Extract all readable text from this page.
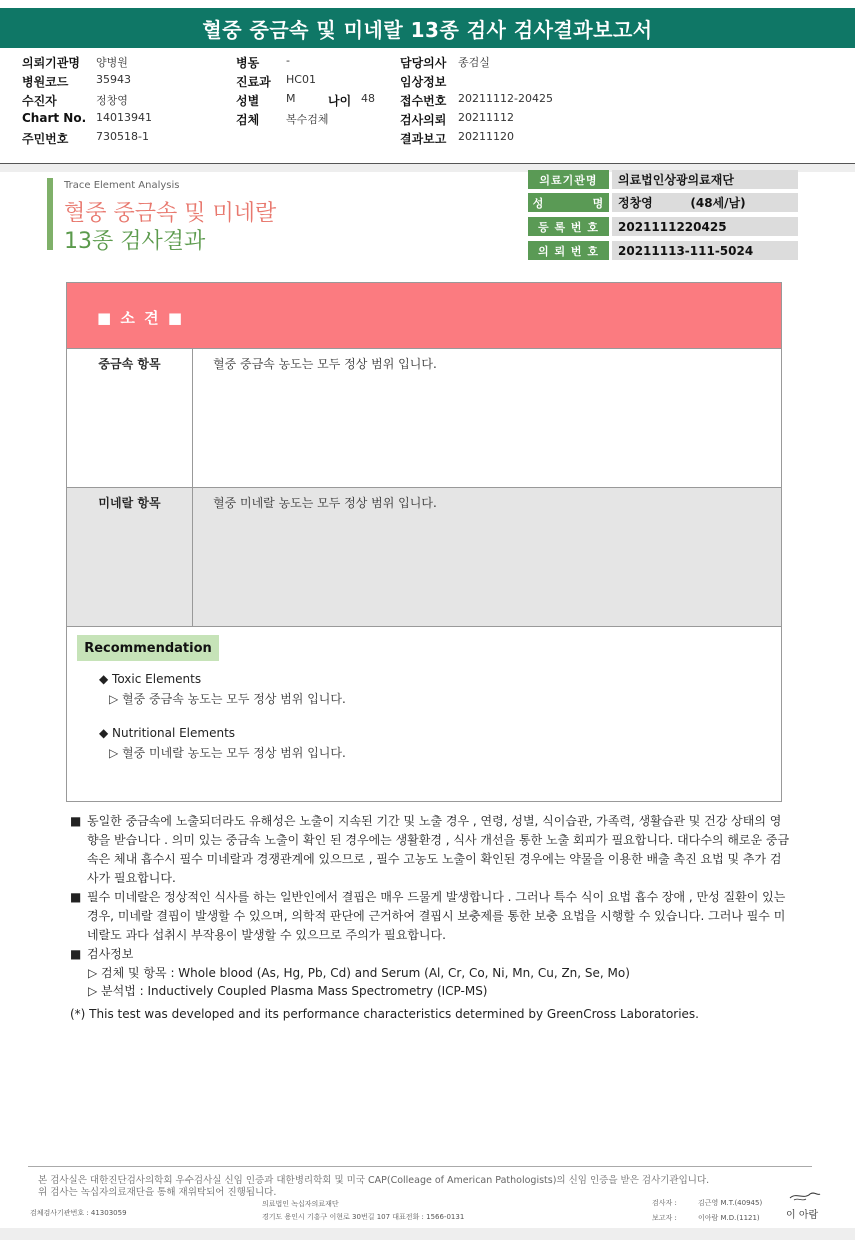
혈중 중금속 및 미네랄 13종 검사 검사결과보고서
의뢰기관명 양병원	병동 -	담당의사 종검실
병원코드	35943	진료과 HC01	임상정보
수진자	정창영	성별 M	나이 48 접수번호 20211112-20425
Chart No. 14013941	검체 복수검체	검사의뢰 20211112
주민번호	730518-1	결과보고 20211120
Trace Element Analysis
혈중 중금속 및 미네랄
13종 검사결과
의료기관명	의료법인상광의료재단
성          명	정창영         (48세/남)
등 록 번 호	2021111220425
의 뢰 번 호	20211113-111-5024
■ 소 견 ■
중금속 항목	혈중 중금속 농도는 모두 정상 범위 입니다.
미네랄 항목	혈중 미네랄 농도는 모두 정상 범위 입니다.
Recommendation
◆ Toxic Elements
▷ 혈중 중금속 농도는 모두 정상 범위 입니다.
◆ Nutritional Elements
▷ 혈중 미네랄 농도는 모두 정상 범위 입니다.
■ 동일한 중금속에 노출되더라도 유해성은 노출이 지속된 기간 및 노출 경우 , 연령, 성별, 식이습관, 가족력, 생활습관 및 건강 상태의 영향을 받습니다 . 의미 있는 중금속 노출이 확인 된 경우에는 생활환경 , 식사 개선을 통한 노출 회피가 필요합니다. 대다수의 해로운 중금속은 체내 흡수시 필수 미네랄과 경쟁관계에 있으므로 , 필수 고농도 노출이 확인된 경우에는 약물을 이용한 배출 촉진 요법 및 추가 검사가 필요합니다.
■ 필수 미네랄은 정상적인 식사를 하는 일반인에서 결핍은 매우 드물게 발생합니다 . 그러나 특수 식이 요법 흡수 장애 , 만성 질환이 있는 경우, 미네랄 결핍이 발생할 수 있으며, 의학적 판단에 근거하여 결핍시 보충제를 통한 보충 요법을 시행할 수 있습니다. 그러나 필수 미네랄도 과다 섭취시 부작용이 발생할 수 있으므로 주의가 필요합니다.
■ 검사정보
▷ 검체 및 항목 : Whole blood (As, Hg, Pb, Cd) and Serum (Al, Cr, Co, Ni, Mn, Cu, Zn, Se, Mo)
▷ 분석법 : Inductively Coupled Plasma Mass Spectrometry (ICP-MS)
(*) This test was developed and its performance characteristics determined by GreenCross Laboratories.
본 검사실은 대한진단검사의학회 우수검사실 신임 인증과 대한병리학회 및 미국 CAP(Colleage of American Pathologists)의 신임 인증을 받은 검사기관입니다.
위 검사는 녹십자의료재단을 통해 재위탁되어 진행됩니다.
검체검사기관번호 : 41303059
의료법인 녹십자의료재단
경기도 용인시 기흥구 이현로 30번길 107 대표전화 : 1566-0131
검사자 :	김근영 M.T.(40945)
보고자 :	이아람 M.D.(1121)	이 아람
